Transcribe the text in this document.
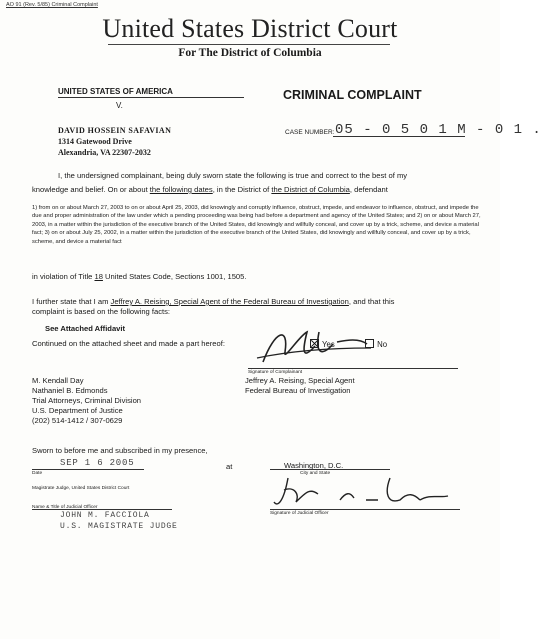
AO 91 (Rev. 5/85) Criminal Complaint
United States District Court
For The District of Columbia
UNITED STATES OF AMERICA
V.
CRIMINAL COMPLAINT
DAVID HOSSEIN SAFAVIAN
1314 Gatewood Drive
Alexandria, VA 22307-2032
CASE NUMBER: 05 - 0 5 0 1 M - 0 1 .
I, the undersigned complainant, being duly sworn state the following is true and correct to the best of my
knowledge and belief. On or about the following dates, in the District of the District of Columbia, defendant
1) from on or about March 27, 2003 to on or about April 25, 2003, did knowingly and corruptly influence, obstruct, impede, and endeavor to influence, obstruct, and impede the due and proper administration of the law under which a pending proceeding was being had before a department and agency of the United States; and 2) on or about March 27, 2003, in a matter within the jurisdiction of the executive branch of the United States, did knowingly and willfully conceal, and cover up by a trick, scheme, and device a material fact; 3) on or about July 25, 2002, in a matter within the jurisdiction of the executive branch of the United States, did knowingly and willfully conceal, and cover up by a trick, scheme, and device a material fact
in violation of Title 18 United States Code, Sections 1001, 1505.
I further state that I am Jeffrey A. Reising, Special Agent of the Federal Bureau of Investigation, and that this
complaint is based on the following facts:
See Attached Affidavit
Continued on the attached sheet and made a part hereof:	Yes	No
Signature of Complainant
Jeffrey A. Reising, Special Agent
Federal Bureau of Investigation
M. Kendall Day
Nathaniel B. Edmonds
Trial Attorneys, Criminal Division
U.S. Department of Justice
(202) 514-1412 / 307-0629
Sworn to before me and subscribed in my presence,
SEP 1 6 2005
Date
at	Washington, D.C.
City and State
Magistrate Judge, United States District Court
Name & Title of Judicial Officer
JOHN M. FACCIOLA
U.S. MAGISTRATE JUDGE
Signature of Judicial Officer
